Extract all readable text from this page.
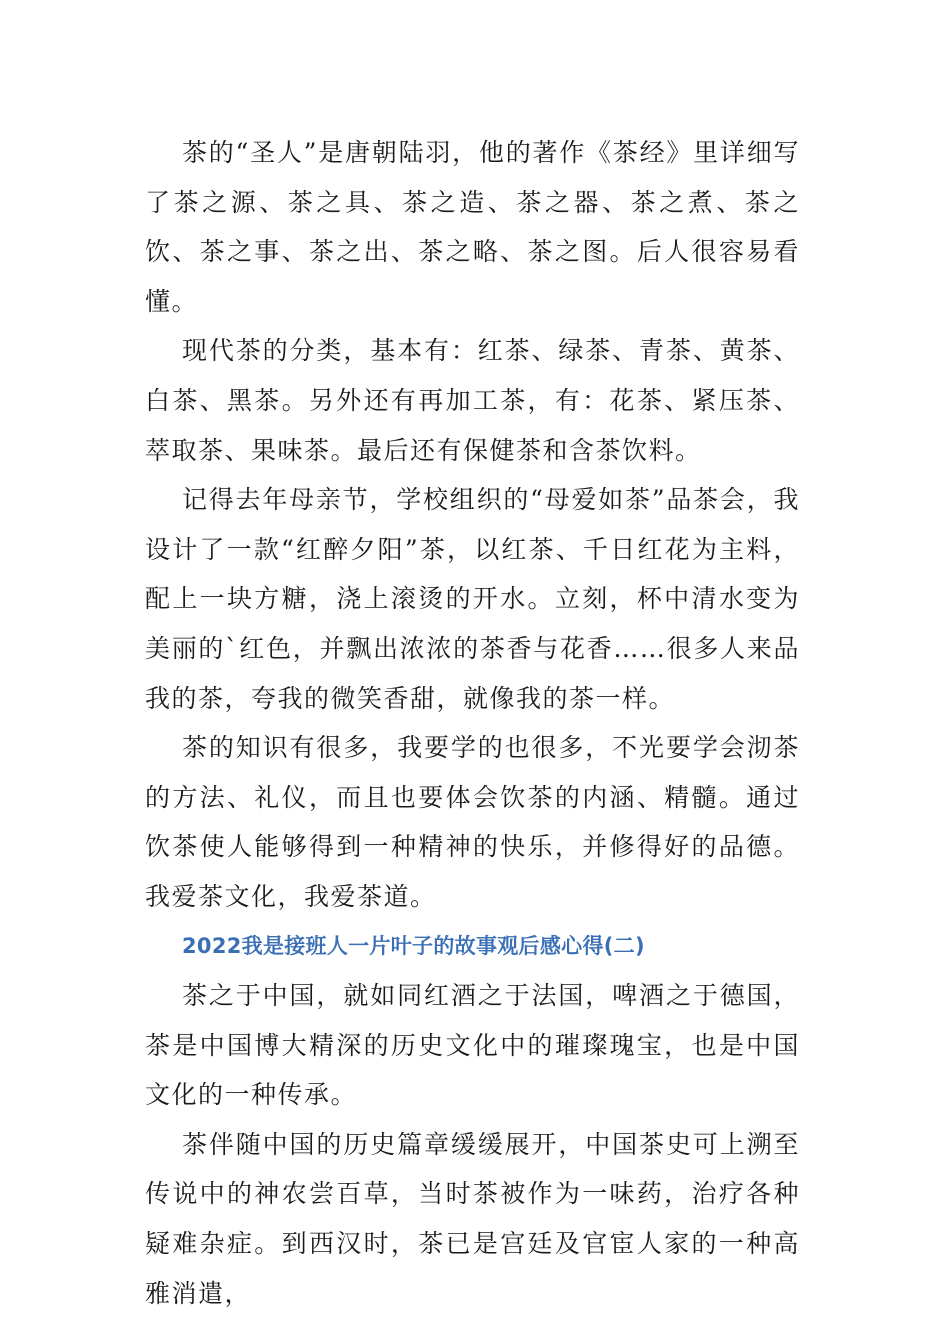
茶的“圣人”是唐朝陆羽，他的著作《茶经》里详细写了茶之源、茶之具、茶之造、茶之器、茶之煮、茶之饮、茶之事、茶之出、茶之略、茶之图。后人很容易看懂。

现代茶的分类，基本有：红茶、绿茶、青茶、黄茶、白茶、黑茶。另外还有再加工茶，有：花茶、紧压茶、萃取茶、果味茶。最后还有保健茶和含茶饮料。

记得去年母亲节，学校组织的“母爱如茶”品茶会，我设计了一款“红醉夕阳”茶，以红茶、千日红花为主料，配上一块方糖，浇上滚烫的开水。立刻，杯中清水变为美丽的`红色，并飘出浓浓的茶香与花香……很多人来品我的茶，夸我的微笑香甜，就像我的茶一样。

茶的知识有很多，我要学的也很多，不光要学会沏茶的方法、礼仪，而且也要体会饮茶的内涵、精髓。通过饮茶使人能够得到一种精神的快乐，并修得好的品德。我爱茶文化，我爱茶道。

2022我是接班人一片叶子的故事观后感心得(二)

茶之于中国，就如同红酒之于法国，啤酒之于德国，茶是中国博大精深的历史文化中的璀璨瑰宝，也是中国文化的一种传承。

茶伴随中国的历史篇章缓缓展开，中国茶史可上溯至传说中的神农尝百草，当时茶被作为一味药，治疗各种疑难杂症。到西汉时，茶已是宫廷及官宦人家的一种高雅消遣，
